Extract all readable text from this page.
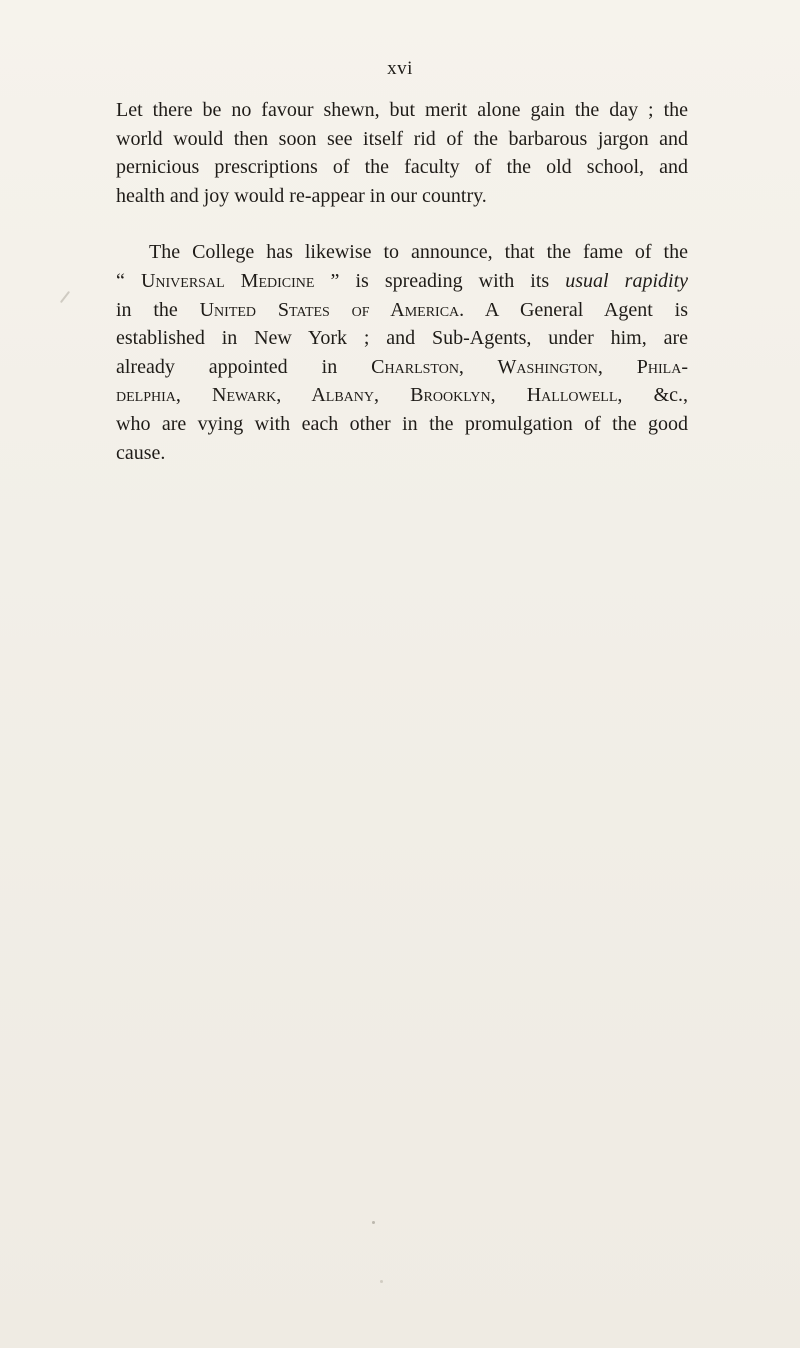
xvi

Let there be no favour shewn, but merit alone gain the day ; the
world would then soon see itself rid of the barbarous jargon and
pernicious prescriptions of the faculty of the old school, and
health and joy would re-appear in our country.

The College has likewise to announce, that the fame of the
“ Universal Medicine ” is spreading with its usual rapidity
in the United States of America. A General Agent is
established in New York ; and Sub-Agents, under him, are
already appointed in Charlston, Washington, Phila-
delphia, Newark, Albany, Brooklyn, Hallowell, &c.,
who are vying with each other in the promulgation of the good
cause.
